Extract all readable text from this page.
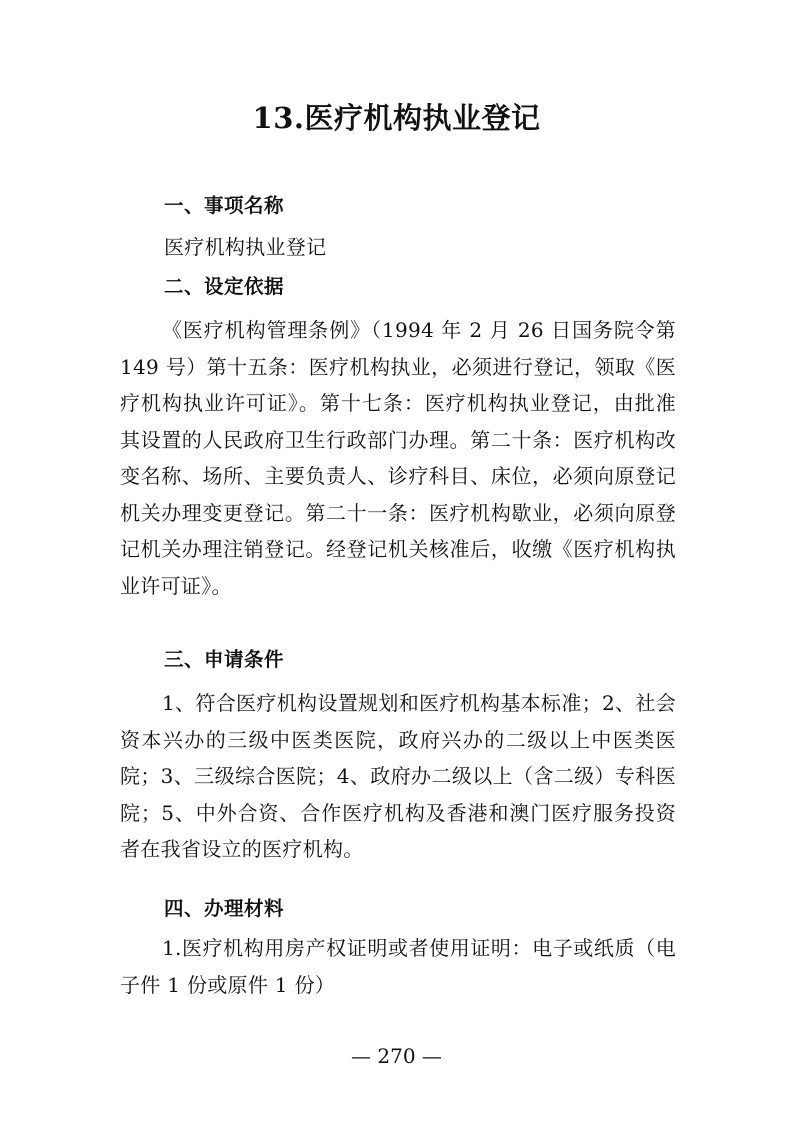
13.医疗机构执业登记
一、事项名称
医疗机构执业登记
二、设定依据
《医疗机构管理条例》（1994 年 2 月 26 日国务院令第 149 号）第十五条：医疗机构执业，必须进行登记，领取《医疗机构执业许可证》。第十七条：医疗机构执业登记，由批准其设置的人民政府卫生行政部门办理。第二十条：医疗机构改变名称、场所、主要负责人、诊疗科目、床位，必须向原登记机关办理变更登记。第二十一条：医疗机构歇业，必须向原登记机关办理注销登记。经登记机关核准后，收缴《医疗机构执业许可证》。
三、申请条件
1、符合医疗机构设置规划和医疗机构基本标准；2、社会资本兴办的三级中医类医院，政府兴办的二级以上中医类医院；3、三级综合医院；4、政府办二级以上（含二级）专科医院；5、中外合资、合作医疗机构及香港和澳门医疗服务投资者在我省设立的医疗机构。
四、办理材料
1.医疗机构用房产权证明或者使用证明：电子或纸质（电子件 1 份或原件 1 份）
— 270 —
